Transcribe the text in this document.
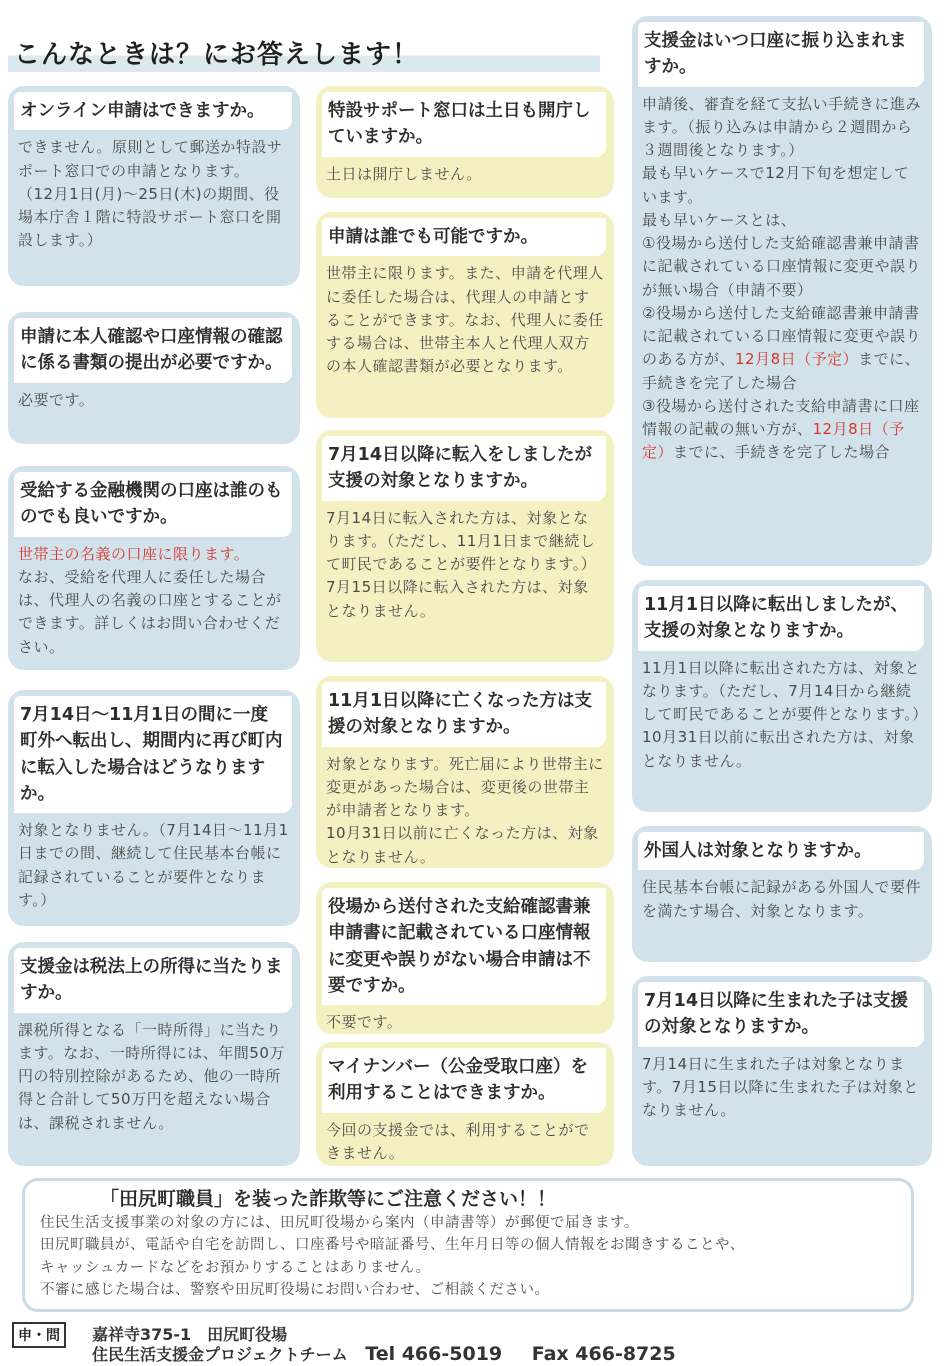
こんなときは？にお答えします！
オンライン申請はできますか。

できません。原則として郵送か特設サポート窓口での申請となります。

（12月1日(月)～25日(木)の期間、役場本庁舎１階に特設サポート窓口を開設します。）

申請に本人確認や口座情報の確認に係る書類の提出が必要ですか。

必要です。

受給する金融機関の口座は誰のものでも良いですか。

世帯主の名義の口座に限ります。

なお、受給を代理人に委任した場合は、代理人の名義の口座とすることができます。詳しくはお問い合わせください。

7月14日～11月1日の間に一度町外へ転出し、期間内に再び町内に転入した場合はどうなりますか。

対象となりません。（7月14日～11月1日までの間、継続して住民基本台帳に記録されていることが要件となります。）

支援金は税法上の所得に当たりますか。

課税所得となる「一時所得」に当たります。なお、一時所得には、年間50万円の特別控除があるため、他の一時所得と合計して50万円を超えない場合は、課税されません。

特設サポート窓口は土日も開庁していますか。

土日は開庁しません。

申請は誰でも可能ですか。

世帯主に限ります。また、申請を代理人に委任した場合は、代理人の申請とすることができます。なお、代理人に委任する場合は、世帯主本人と代理人双方の本人確認書類が必要となります。

7月14日以降に転入をしましたが支援の対象となりますか。

7月14日に転入された方は、対象となります。（ただし、11月1日まで継続して町民であることが要件となります。）

7月15日以降に転入された方は、対象となりません。

11月1日以降に亡くなった方は支援の対象となりますか。

対象となります。死亡届により世帯主に変更があった場合は、変更後の世帯主が申請者となります。

10月31日以前に亡くなった方は、対象となりません。

役場から送付された支給確認書兼申請書に記載されている口座情報に変更や誤りがない場合申請は不要ですか。

不要です。

マイナンバー（公金受取口座）を利用することはできますか。

今回の支援金では、利用することができません。

支援金はいつ口座に振り込まれますか。

申請後、審査を経て支払い手続きに進みます。（振り込みは申請から２週間から３週間後となります。）

最も早いケースで12月下旬を想定しています。

最も早いケースとは、

①役場から送付した支給確認書兼申請書に記載されている口座情報に変更や誤りが無い場合（申請不要）

②役場から送付した支給確認書兼申請書に記載されている口座情報に変更や誤りのある方が、12月8日（予定）までに、手続きを完了した場合

③役場から送付された支給申請書に口座情報の記載の無い方が、12月8日（予定）までに、手続きを完了した場合

11月1日以降に転出しましたが、支援の対象となりますか。

11月1日以降に転出された方は、対象となります。（ただし、7月14日から継続して町民であることが要件となります。）

10月31日以前に転出された方は、対象となりません。

外国人は対象となりますか。

住民基本台帳に記録がある外国人で要件を満たす場合、対象となります。

7月14日以降に生まれた子は支援の対象となりますか。

7月14日に生まれた子は対象となります。7月15日以降に生まれた子は対象となりません。

「田尻町職員」を装った詐欺等にご注意ください！！

住民生活支援事業の対象の方には、田尻町役場から案内（申請書等）が郵便で届きます。

田尻町職員が、電話や自宅を訪問し、口座番号や暗証番号、生年月日等の個人情報をお聞きすることや、

キャッシュカードなどをお預かりすることはありません。

不審に感じた場合は、警察や田尻町役場にお問い合わせ、ご相談ください。

申・問	嘉祥寺375-1　田尻町役場
住民生活支援金プロジェクトチーム Tel 466-5019 Fax 466-8725
